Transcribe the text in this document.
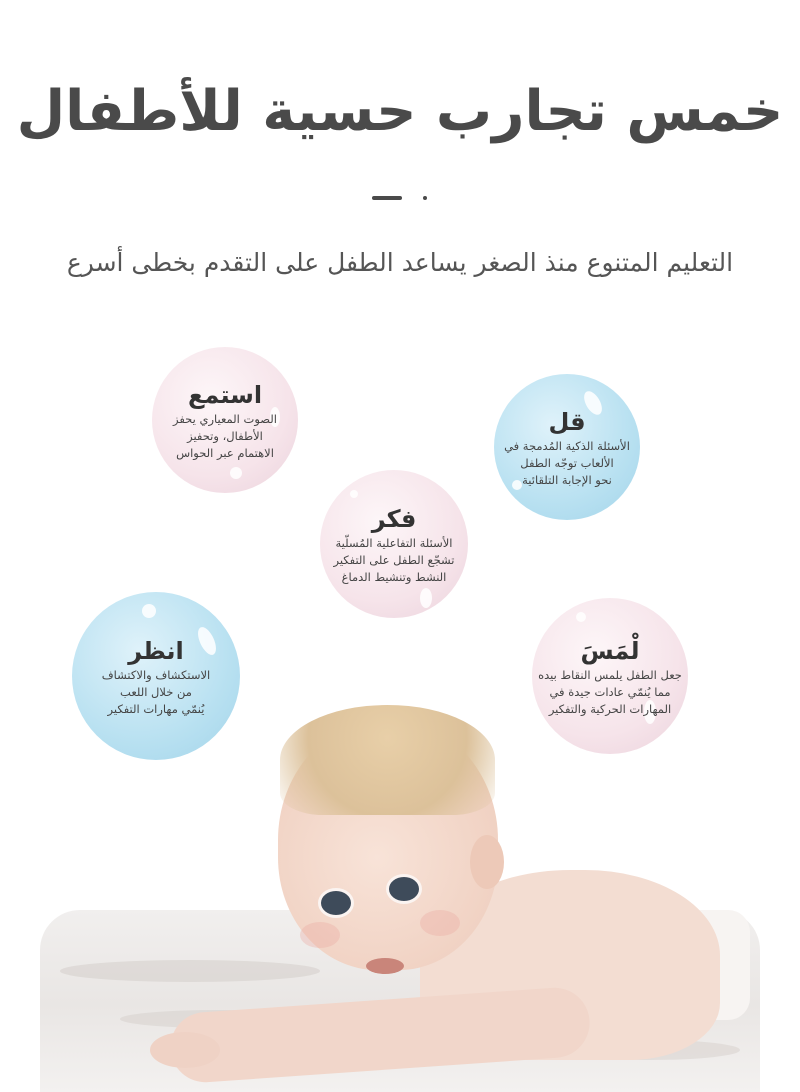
خمس تجارب حسية للأطفال
التعليم المتنوع منذ الصغر يساعد الطفل على التقدم بخطى أسرع
استمع
الصوت المعياري يحفز
الأطفال، وتحفيز
الاهتمام عبر الحواس
قل
الأسئلة الذكية المُدمجة في
الألعاب توجّه الطفل
نحو الإجابة التلقائية
فكر
الأسئلة التفاعلية المُسلّية
تشجّع الطفل على التفكير
النشط وتنشيط الدماغ
انظر
الاستكشاف والاكتشاف
من خلال اللعب
يُنمّي مهارات التفكير
لْمَسَ
جعل الطفل يلمس النقاط بيده
مما يُنمّي عادات جيدة في
المهارات الحركية والتفكير
